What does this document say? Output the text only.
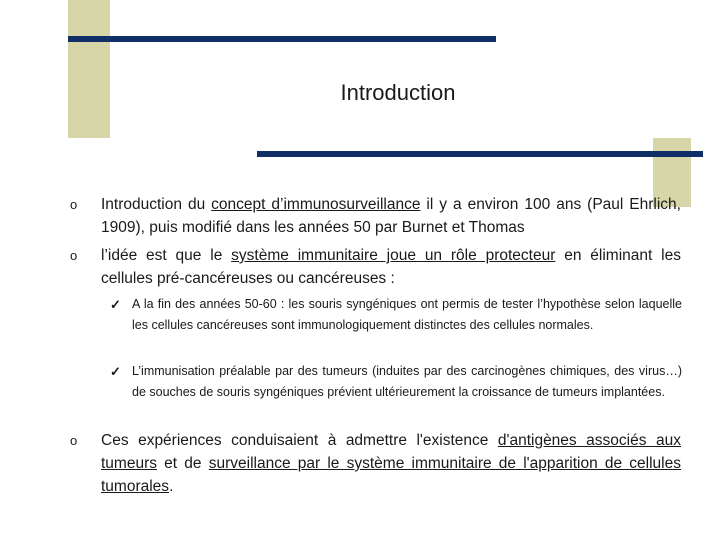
Introduction
o Introduction du concept d’immunosurveillance il y a environ 100 ans (Paul Ehrlich, 1909), puis modifié dans les années 50 par Burnet et Thomas
o l’idée est que le système immunitaire joue un rôle protecteur en éliminant les cellules pré-cancéreuses ou cancéreuses :
✓ A la fin des années 50-60 : les souris syngéniques ont permis de tester l’hypothèse selon laquelle les cellules cancéreuses sont immunologiquement distinctes des cellules normales.
✓ L’immunisation préalable par des tumeurs (induites par des carcinogènes chimiques, des virus…) de souches de souris syngéniques prévient ultérieurement la croissance de tumeurs implantées.
o Ces expériences conduisaient à admettre l'existence d'antigènes associés aux tumeurs et de surveillance par le système immunitaire de l'apparition de cellules tumorales.
